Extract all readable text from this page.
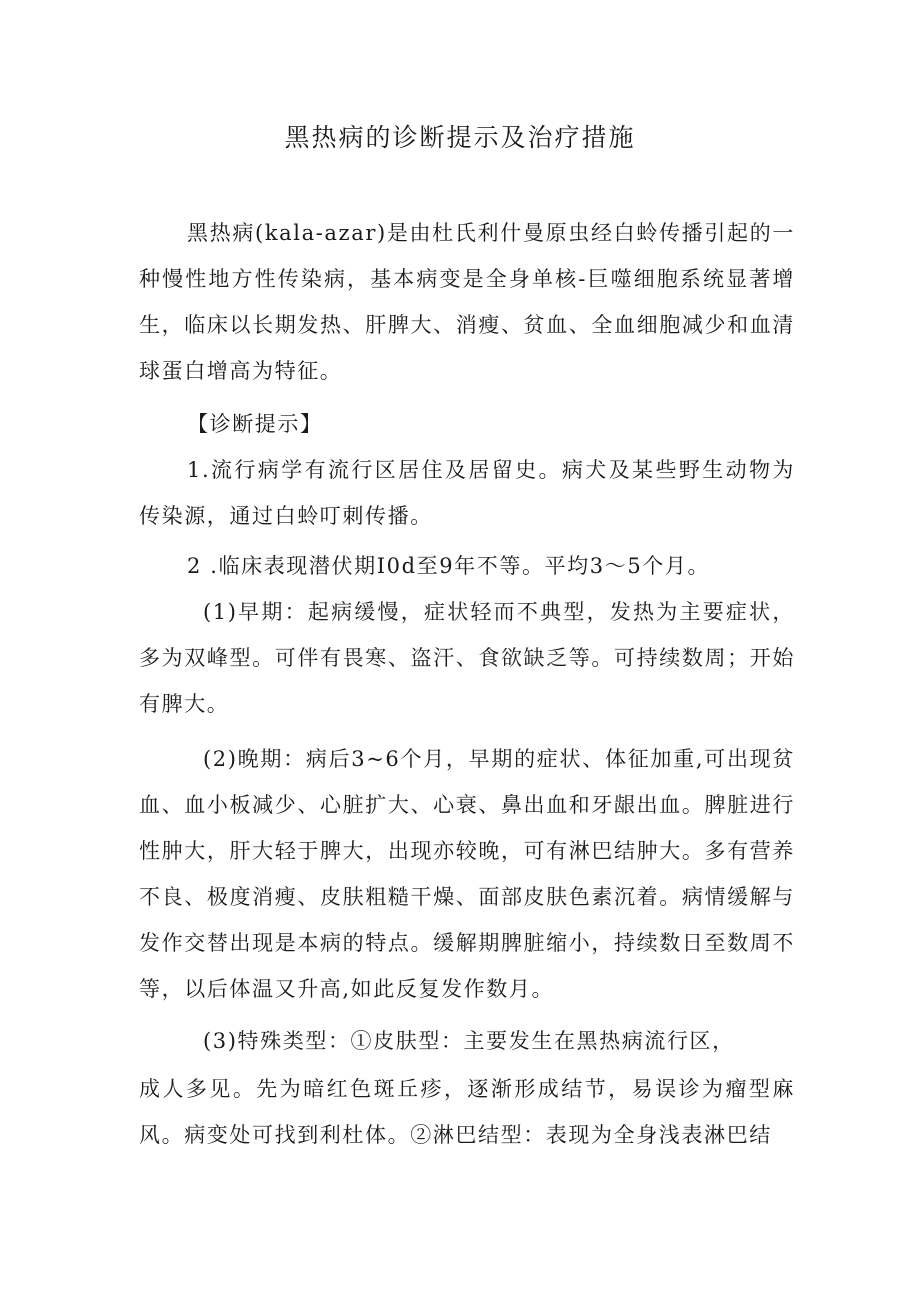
黑热病的诊断提示及治疗措施

黑热病(kala-azar)是由杜氏利什曼原虫经白蛉传播引起的一种慢性地方性传染病，基本病变是全身单核-巨噬细胞系统显著增生，临床以长期发热、肝脾大、消瘦、贫血、全血细胞减少和血清球蛋白增高为特征。

【诊断提示】

1.流行病学有流行区居住及居留史。病犬及某些野生动物为传染源，通过白蛉叮刺传播。

2 .临床表现潜伏期I0d至9年不等。平均3～5个月。

(1)早期：起病缓慢，症状轻而不典型，发热为主要症状，多为双峰型。可伴有畏寒、盗汗、食欲缺乏等。可持续数周；开始有脾大。

(2)晚期：病后3~6个月，早期的症状、体征加重,可出现贫血、血小板减少、心脏扩大、心衰、鼻出血和牙龈出血。脾脏进行性肿大，肝大轻于脾大，出现亦较晚，可有淋巴结肿大。多有营养不良、极度消瘦、皮肤粗糙干燥、面部皮肤色素沉着。病情缓解与发作交替出现是本病的特点。缓解期脾脏缩小，持续数日至数周不等，以后体温又升高,如此反复发作数月。

(3)特殊类型：①皮肤型：主要发生在黑热病流行区，

成人多见。先为暗红色斑丘疹，逐渐形成结节，易误诊为瘤型麻风。病变处可找到利杜体。②淋巴结型：表现为全身浅表淋巴结
